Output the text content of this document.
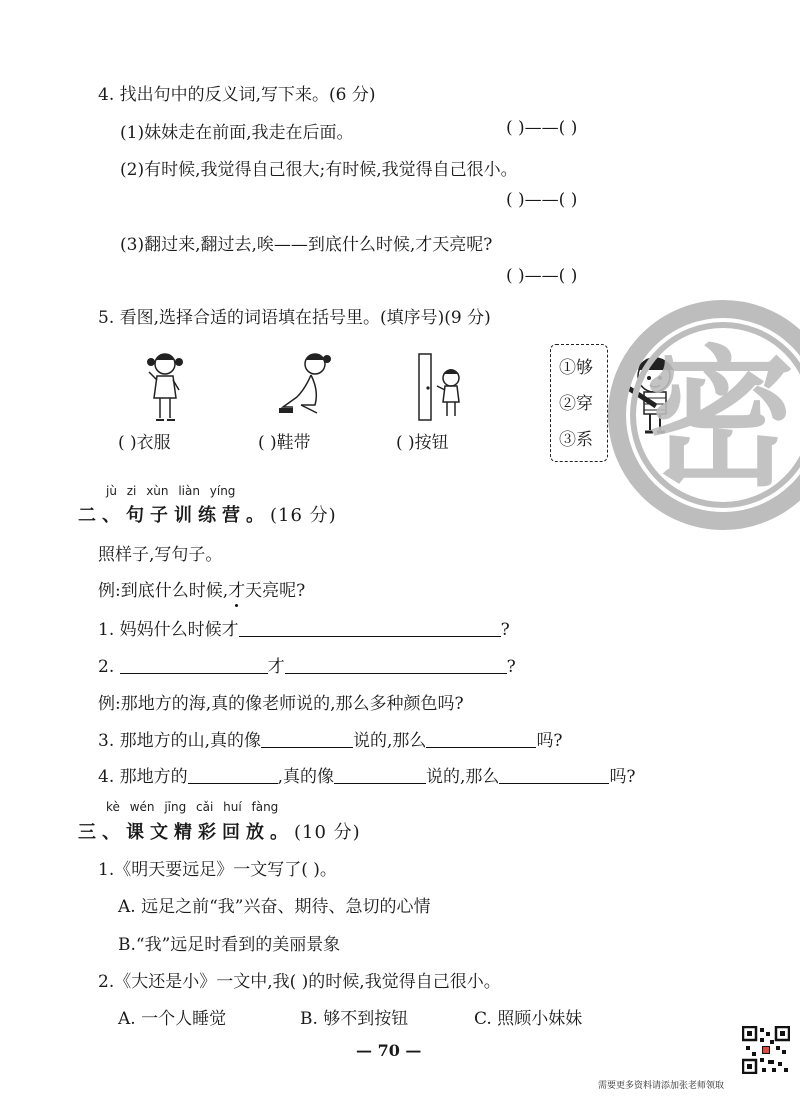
4. 找出句中的反义词,写下来。(6 分)
(1)妹妹走在前面,我走在后面。	( )——( )
(2)有时候,我觉得自己很大;有时候,我觉得自己很小。
( )——( )
(3)翻过来,翻过去,唉——到底什么时候,才天亮呢?
( )——( )
5. 看图,选择合适的词语填在括号里。(填序号)(9 分)
( )衣服	( )鞋带	( )按钮
①够
②穿
③系 密
jù zi xùn liàn yíng
二、句子训练营。(16 分)
照样子,写句子。
例:到底什么时候,才天亮呢?
1. 妈妈什么时候才	?
2.	才	?
例:那地方的海,真的像老师说的,那么多种颜色吗?
3. 那地方的山,真的像	说的,那么	吗?
4. 那地方的	,真的像	说的,那么	吗?
kè wén jīng cǎi huí fàng
三、课文精彩回放。(10 分)
1.《明天要远足》一文写了( )。
A. 远足之前“我”兴奋、期待、急切的心情
B.“我”远足时看到的美丽景象
2.《大还是小》一文中,我( )的时候,我觉得自己很小。
A. 一个人睡觉	B. 够不到按钮	C. 照顾小妹妹
— 70 —
需要更多资料请添加张老师领取
